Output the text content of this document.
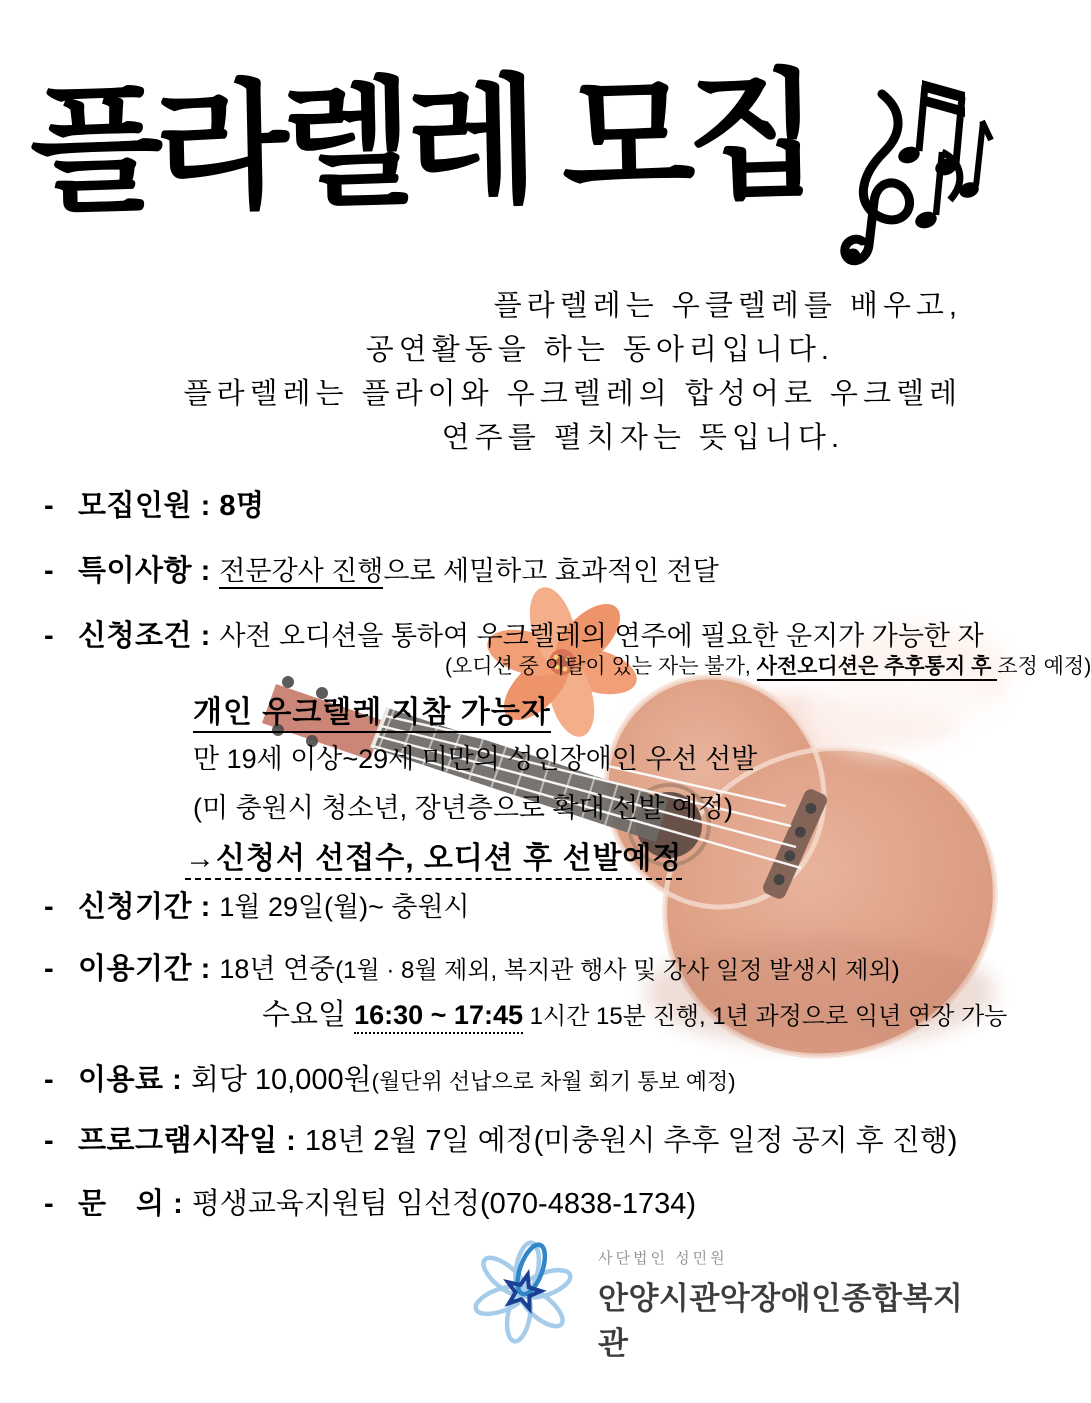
플라렐레 모집
플라렐레는 우클렐레를 배우고,
공연활동을 하는 동아리입니다.
플라렐레는 플라이와 우크렐레의 합성어로 우크렐레
연주를 펼치자는 뜻입니다.
- 모집인원 : 8명
- 특이사항 : 전문강사 진행으로 세밀하고 효과적인 전달
- 신청조건 : 사전 오디션을 통하여 우크렐레의 연주에 필요한 운지가 가능한 자
(오디션 중 이탈이 있는 자는 불가, 사전오디션은 추후통지 후 조정 예정)
개인 우크렐레 지참 가능자
만 19세 이상~29세 미만의 성인장애인 우선 선발
(미 충원시 청소년, 장년층으로 확대 선발 예정)
→신청서 선접수, 오디션 후 선발예정
- 신청기간 : 1월 29일(월)~ 충원시
- 이용기간 : 18년 연중(1월 · 8월 제외, 복지관 행사 및 강사 일정 발생시 제외)
수요일 16:30 ~ 17:45 1시간 15분 진행, 1년 과정으로 익년 연장 가능
- 이용료 : 회당 10,000원(월단위 선납으로 차월 회기 통보 예정)
- 프로그램시작일 : 18년 2월 7일 예정(미충원시 추후 일정 공지 후 진행)
- 문　의 : 평생교육지원팀 임선정(070-4838-1734)
사단법인 성민원
안양시관악장애인종합복지관
